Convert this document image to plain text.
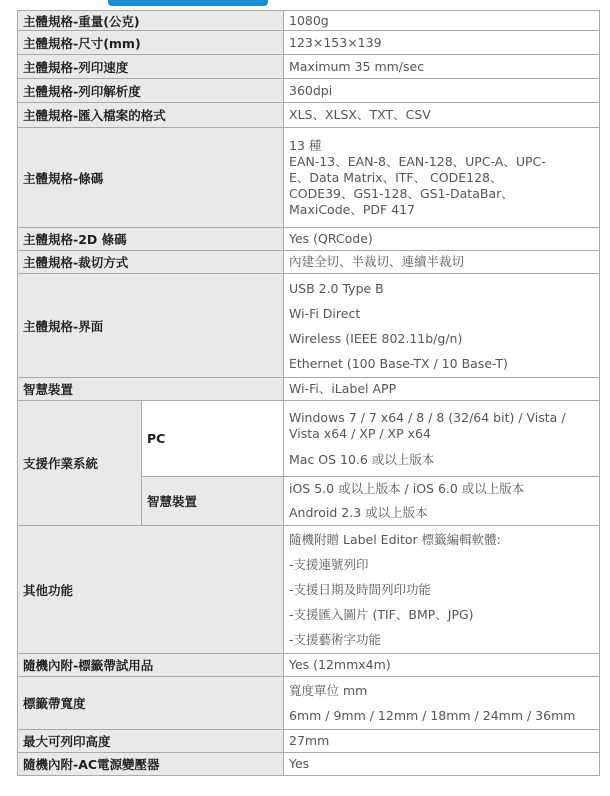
主體規格-重量(公克)		1080g
主體規格-尺寸(mm)		123×153×139
主體規格-列印速度		Maximum 35 mm/sec
主體規格-列印解析度		360dpi
主體規格-匯入檔案的格式		XLS、XLSX、TXT、CSV
主體規格-條碼		13 種
EAN-13、EAN-8、EAN-128、UPC-A、UPC-
E、Data Matrix、ITF、 CODE128、
CODE39、GS1-128、GS1-DataBar、
MaxiCode、PDF 417

主體規格-2D 條碼		Yes (QRCode)
主體規格-裁切方式		內建全切、半裁切、連續半裁切
主體規格-界面		USB 2.0 Type B
Wi-Fi Direct
Wireless (IEEE 802.11b/g/n)
Ethernet (100 Base-TX / 10 Base-T)

智慧裝置		Wi-Fi、iLabel APP
支援作業系統	PC	Windows 7 / 7 x64 / 8 / 8 (32/64 bit) / Vista /
Vista x64 / XP / XP x64
Mac OS 10.6 或以上版本

	智慧裝置	iOS 5.0 或以上版本 / iOS 6.0 或以上版本
Android 2.3 或以上版本

其他功能		隨機附贈 Label Editor 標籤編輯軟體:
-支援連號列印
-支援日期及時間列印功能
-支援匯入圖片 (TIF、BMP、JPG)
-支援藝術字功能

隨機內附-標籤帶試用品		Yes (12mmx4m)
標籤帶寬度		寬度單位 mm
6mm / 9mm / 12mm / 18mm / 24mm / 36mm

最大可列印高度		27mm
隨機內附-AC電源變壓器		Yes
